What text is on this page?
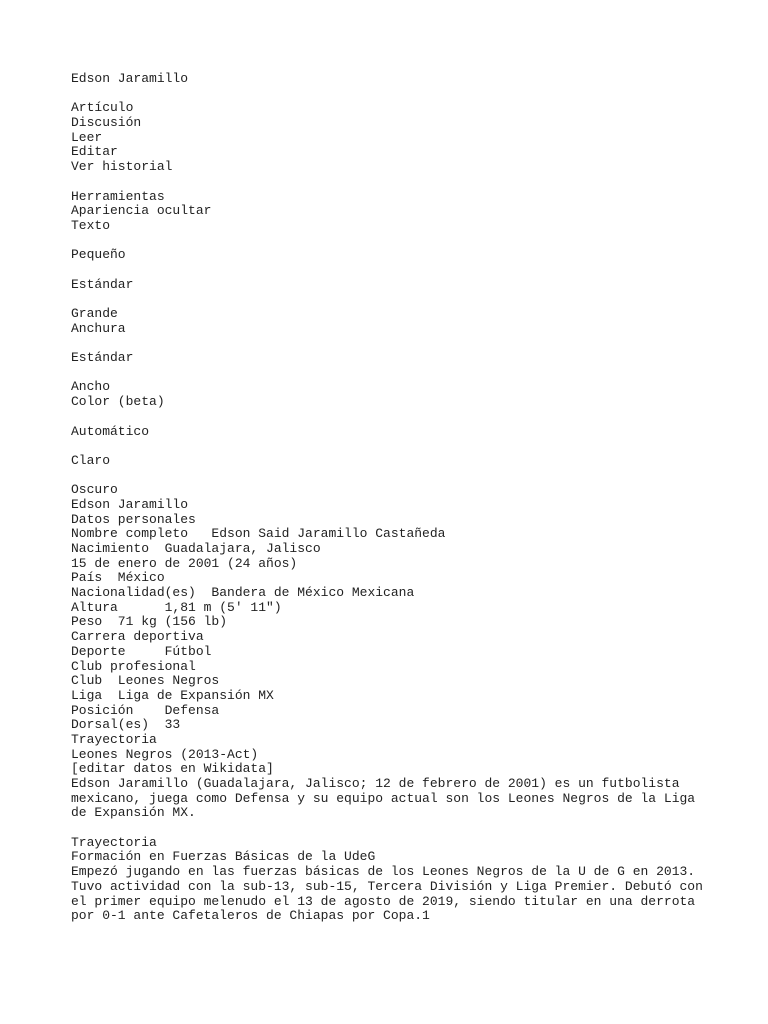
Edson Jaramillo
Artículo
Discusión
Leer
Editar
Ver historial
Herramientas
Apariencia ocultar
Texto
Pequeño
Estándar
Grande
Anchura
Estándar
Ancho
Color (beta)
Automático
Claro
Oscuro
Edson Jaramillo
Datos personales
Nombre completo   Edson Said Jaramillo Castañeda
Nacimiento  Guadalajara, Jalisco
15 de enero de 2001 (24 años)
País  México
Nacionalidad(es)  Bandera de México Mexicana
Altura      1,81 m (5' 11")
Peso  71 kg (156 lb)
Carrera deportiva
Deporte     Fútbol
Club profesional
Club  Leones Negros
Liga  Liga de Expansión MX
Posición    Defensa
Dorsal(es)  33
Trayectoria
Leones Negros (2013-Act)
[editar datos en Wikidata]
Edson Jaramillo (Guadalajara, Jalisco; 12 de febrero de 2001) es un futbolista mexicano, juega como Defensa y su equipo actual son los Leones Negros de la Liga de Expansión MX.
Trayectoria
Formación en Fuerzas Básicas de la UdeG
Empezó jugando en las fuerzas básicas de los Leones Negros de la U de G en 2013. Tuvo actividad con la sub-13, sub-15, Tercera División y Liga Premier. Debutó con el primer equipo melenudo el 13 de agosto de 2019, siendo titular en una derrota por 0-1 ante Cafetaleros de Chiapas por Copa.1
